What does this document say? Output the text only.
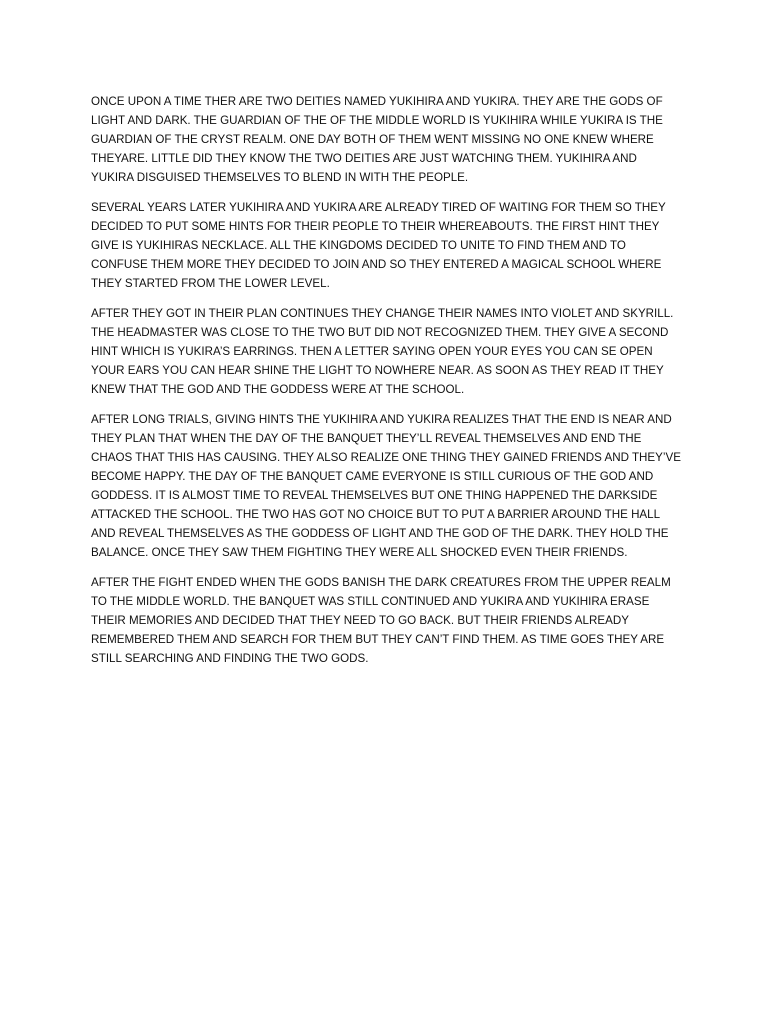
ONCE UPON A TIME THER ARE TWO DEITIES NAMED YUKIHIRA AND YUKIRA. THEY ARE THE GODS OF LIGHT AND DARK. THE GUARDIAN OF THE OF THE MIDDLE WORLD IS YUKIHIRA WHILE YUKIRA IS THE GUARDIAN OF THE CRYST REALM. ONE DAY BOTH OF THEM WENT MISSING NO ONE KNEW WHERE THEYARE. LITTLE DID THEY KNOW THE TWO DEITIES ARE JUST WATCHING THEM. YUKIHIRA AND YUKIRA DISGUISED THEMSELVES TO BLEND IN WITH THE PEOPLE.

SEVERAL YEARS LATER YUKIHIRA AND YUKIRA ARE ALREADY TIRED OF WAITING FOR THEM SO THEY DECIDED TO PUT SOME HINTS FOR THEIR PEOPLE TO THEIR WHEREABOUTS. THE FIRST HINT THEY GIVE IS YUKIHIRAS NECKLACE. ALL THE KINGDOMS DECIDED TO UNITE TO FIND THEM AND TO CONFUSE THEM MORE THEY DECIDED TO JOIN AND SO THEY ENTERED A MAGICAL SCHOOL WHERE THEY STARTED FROM THE LOWER LEVEL.

AFTER THEY GOT IN THEIR PLAN CONTINUES THEY CHANGE THEIR NAMES INTO VIOLET AND SKYRILL. THE HEADMASTER WAS CLOSE TO THE TWO BUT DID NOT RECOGNIZED THEM. THEY GIVE A SECOND HINT WHICH IS YUKIRA’S EARRINGS. THEN A LETTER SAYING OPEN YOUR EYES YOU CAN SE OPEN YOUR EARS YOU CAN HEAR SHINE THE LIGHT TO NOWHERE NEAR. AS SOON AS THEY READ IT THEY KNEW THAT THE GOD AND THE GODDESS WERE AT THE SCHOOL.

AFTER LONG TRIALS, GIVING HINTS THE YUKIHIRA AND YUKIRA REALIZES THAT THE END IS NEAR AND THEY PLAN THAT WHEN THE DAY OF THE BANQUET THEY’LL REVEAL THEMSELVES AND END THE CHAOS THAT THIS HAS CAUSING. THEY ALSO REALIZE ONE THING THEY GAINED FRIENDS AND THEY’VE BECOME HAPPY. THE DAY OF THE BANQUET CAME EVERYONE IS STILL CURIOUS OF THE GOD AND GODDESS. IT IS ALMOST TIME TO REVEAL THEMSELVES BUT ONE THING HAPPENED THE DARKSIDE ATTACKED THE SCHOOL. THE TWO HAS GOT NO CHOICE BUT TO PUT A BARRIER AROUND THE HALL AND REVEAL THEMSELVES AS THE GODDESS OF LIGHT AND THE GOD OF THE DARK. THEY HOLD THE BALANCE. ONCE THEY SAW THEM FIGHTING THEY WERE ALL SHOCKED EVEN THEIR FRIENDS.

AFTER THE FIGHT ENDED WHEN THE GODS BANISH THE DARK CREATURES FROM THE UPPER REALM TO THE MIDDLE WORLD. THE BANQUET WAS STILL CONTINUED AND YUKIRA AND YUKIHIRA ERASE THEIR MEMORIES AND DECIDED THAT THEY NEED TO GO BACK. BUT THEIR FRIENDS ALREADY REMEMBERED THEM AND SEARCH FOR THEM BUT THEY CAN’T FIND THEM. AS TIME GOES THEY ARE STILL SEARCHING AND FINDING THE TWO GODS.
